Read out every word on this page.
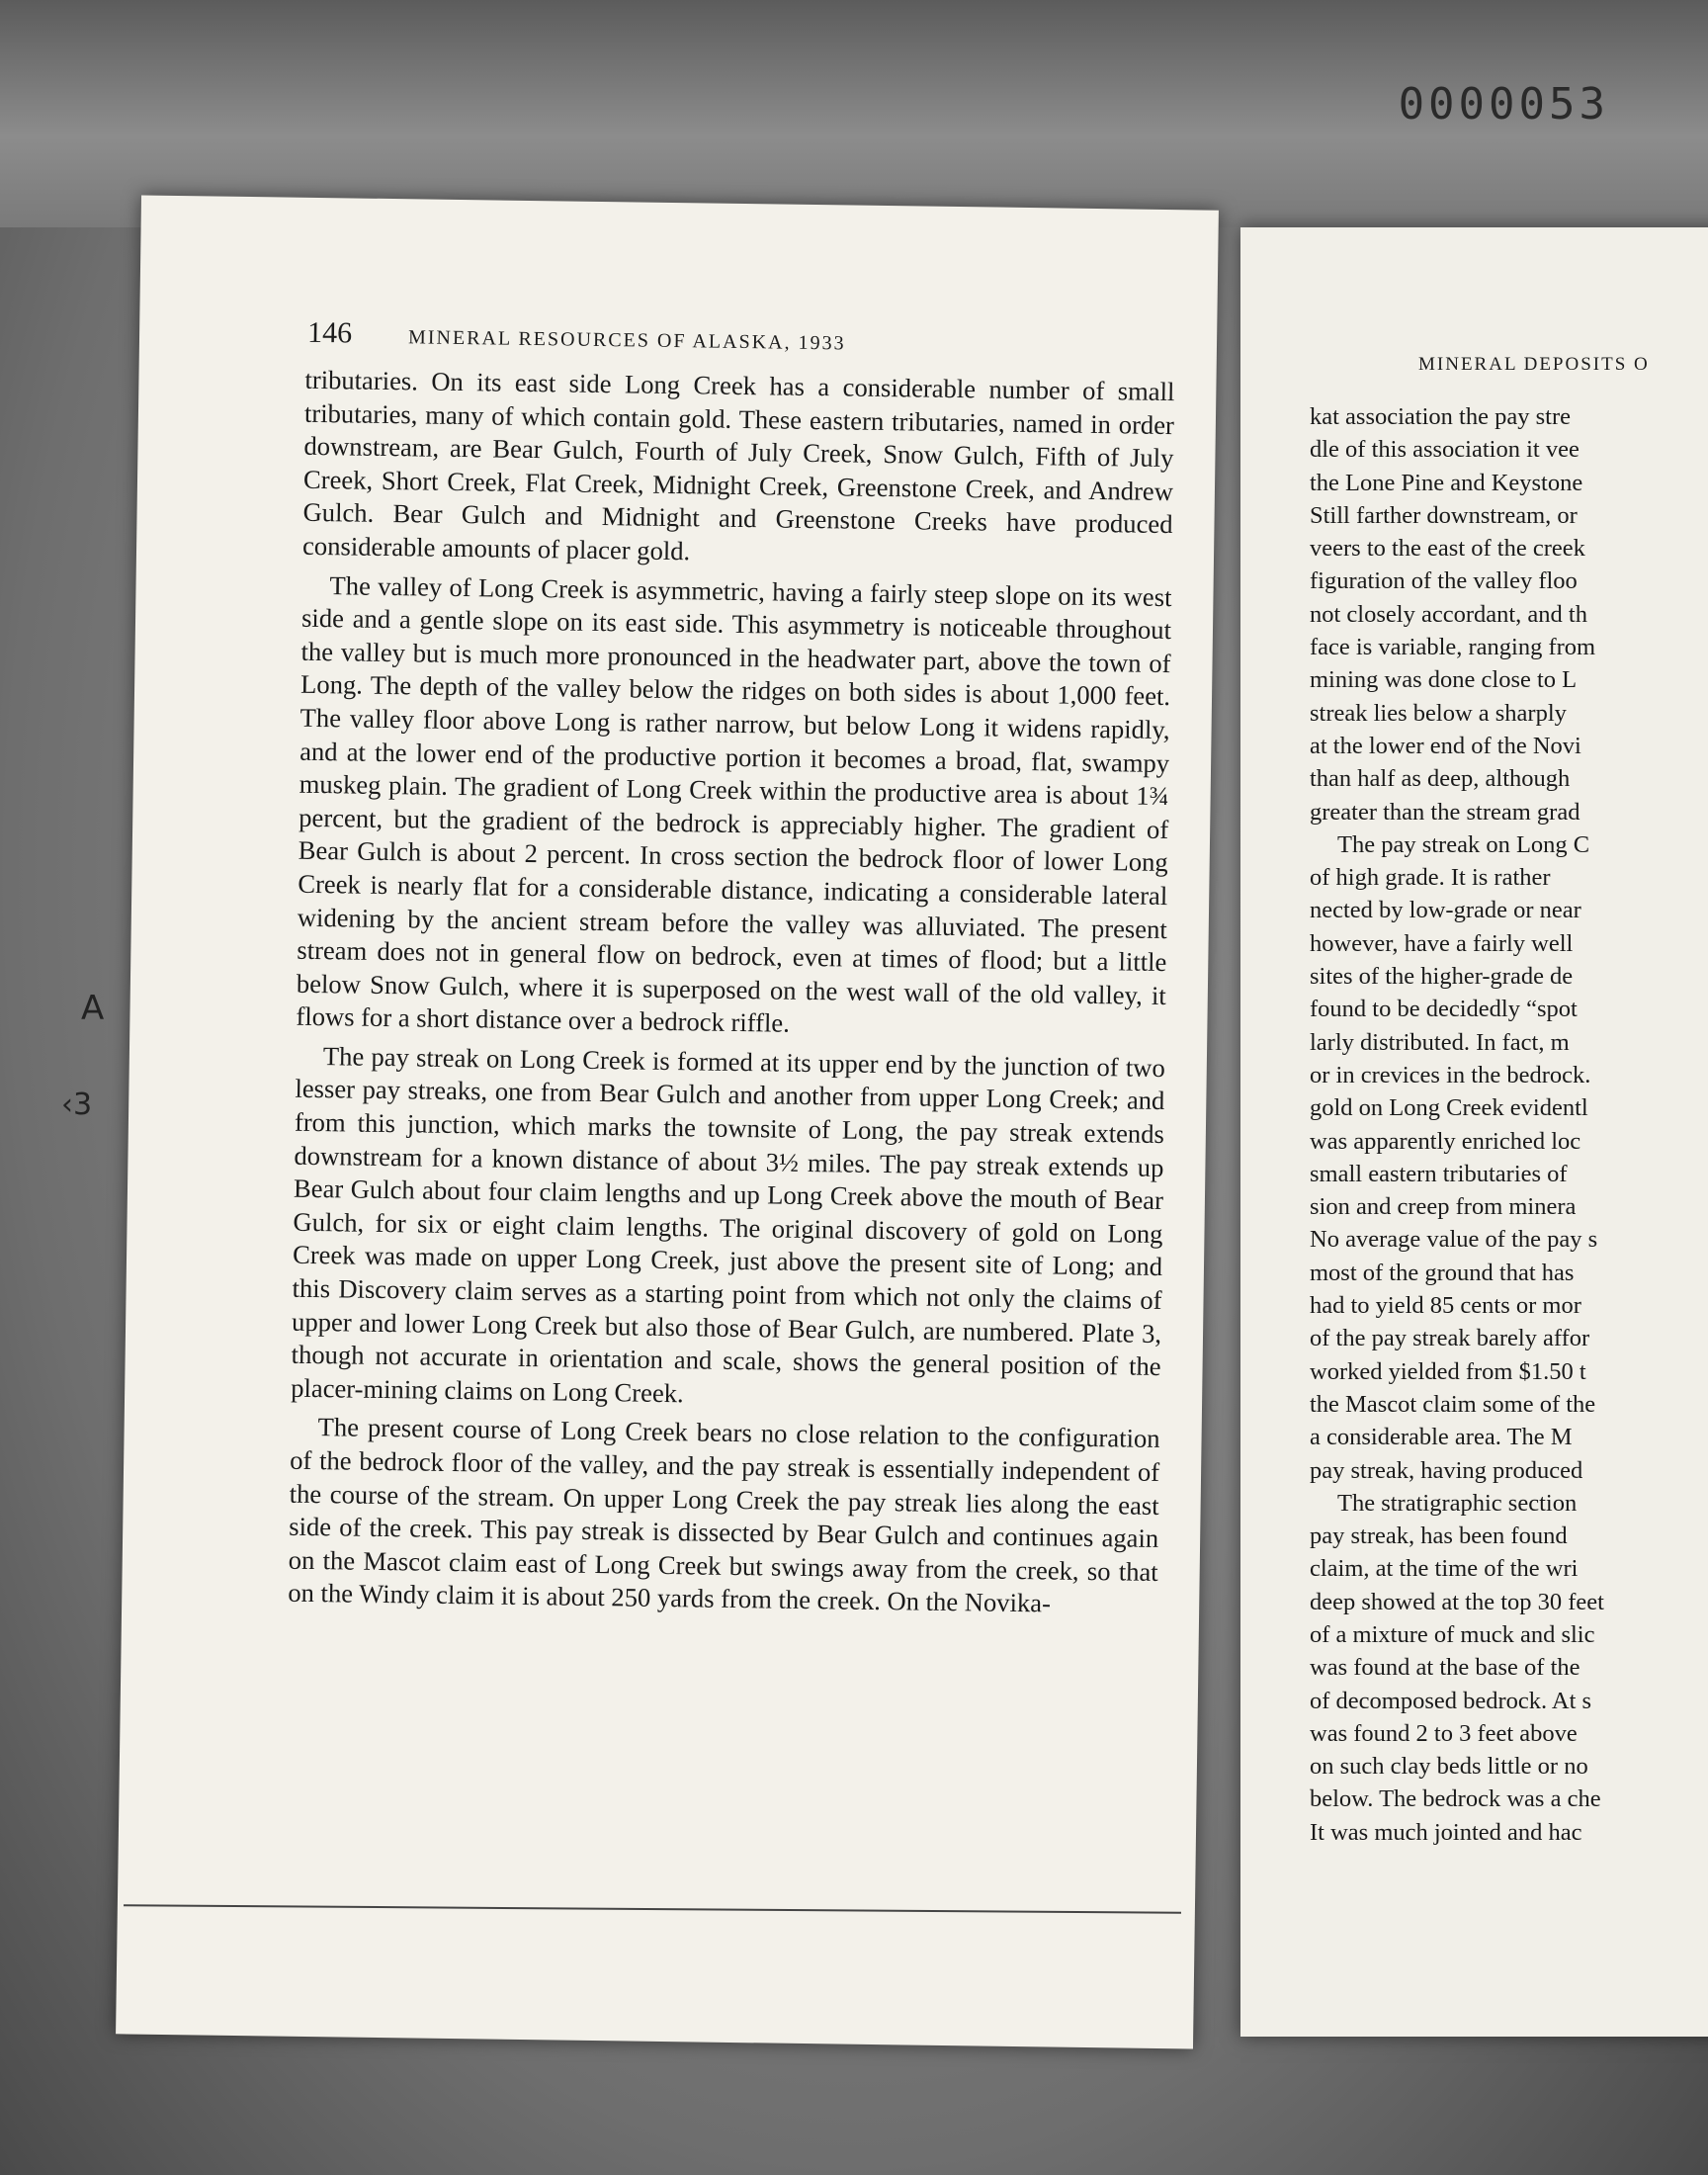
0000053
A
‹3
146	MINERAL RESOURCES OF ALASKA, 1933

tributaries. On its east side Long Creek has a considerable number of small tributaries, many of which contain gold. These eastern tributaries, named in order downstream, are Bear Gulch, Fourth of July Creek, Snow Gulch, Fifth of July Creek, Short Creek, Flat Creek, Midnight Creek, Greenstone Creek, and Andrew Gulch. Bear Gulch and Midnight and Greenstone Creeks have produced considerable amounts of placer gold.

The valley of Long Creek is asymmetric, having a fairly steep slope on its west side and a gentle slope on its east side. This asymmetry is noticeable throughout the valley but is much more pronounced in the headwater part, above the town of Long. The depth of the valley below the ridges on both sides is about 1,000 feet. The valley floor above Long is rather narrow, but below Long it widens rapidly, and at the lower end of the productive portion it becomes a broad, flat, swampy muskeg plain. The gradient of Long Creek within the productive area is about 1¾ percent, but the gradient of the bedrock is appreciably higher. The gradient of Bear Gulch is about 2 percent. In cross section the bedrock floor of lower Long Creek is nearly flat for a considerable distance, indicating a considerable lateral widening by the ancient stream before the valley was alluviated. The present stream does not in general flow on bedrock, even at times of flood; but a little below Snow Gulch, where it is superposed on the west wall of the old valley, it flows for a short distance over a bedrock riffle.

The pay streak on Long Creek is formed at its upper end by the junction of two lesser pay streaks, one from Bear Gulch and another from upper Long Creek; and from this junction, which marks the townsite of Long, the pay streak extends downstream for a known distance of about 3½ miles. The pay streak extends up Bear Gulch about four claim lengths and up Long Creek above the mouth of Bear Gulch, for six or eight claim lengths. The original discovery of gold on Long Creek was made on upper Long Creek, just above the present site of Long; and this Discovery claim serves as a starting point from which not only the claims of upper and lower Long Creek but also those of Bear Gulch, are numbered. Plate 3, though not accurate in orientation and scale, shows the general position of the placer-mining claims on Long Creek.

The present course of Long Creek bears no close relation to the configuration of the bedrock floor of the valley, and the pay streak is essentially independent of the course of the stream. On upper Long Creek the pay streak lies along the east side of the creek. This pay streak is dissected by Bear Gulch and continues again on the Mascot claim east of Long Creek but swings away from the creek, so that on the Windy claim it is about 250 yards from the creek. On the Novika-

MINERAL DEPOSITS O
kat association the pay stre
dle of this association it vee
the Lone Pine and Keystone
Still farther downstream, or
veers to the east of the creek
figuration of the valley floo
not closely accordant, and th
face is variable, ranging from
mining was done close to L
streak lies below a sharply
at the lower end of the Novi
than half as deep, although
greater than the stream grad
The pay streak on Long C
of high grade. It is rather
nected by low-grade or near
however, have a fairly well
sites of the higher-grade de
found to be decidedly “spot
larly distributed. In fact, m
or in crevices in the bedrock.
gold on Long Creek evidentl
was apparently enriched loc
small eastern tributaries of
sion and creep from minera
No average value of the pay s
most of the ground that has
had to yield 85 cents or mor
of the pay streak barely affor
worked yielded from $1.50 t
the Mascot claim some of the
a considerable area. The M
pay streak, having produced
The stratigraphic section
pay streak, has been found
claim, at the time of the wri
deep showed at the top 30 feet
of a mixture of muck and slic
was found at the base of the
of decomposed bedrock. At s
was found 2 to 3 feet above
on such clay beds little or no
below. The bedrock was a che
It was much jointed and hac
